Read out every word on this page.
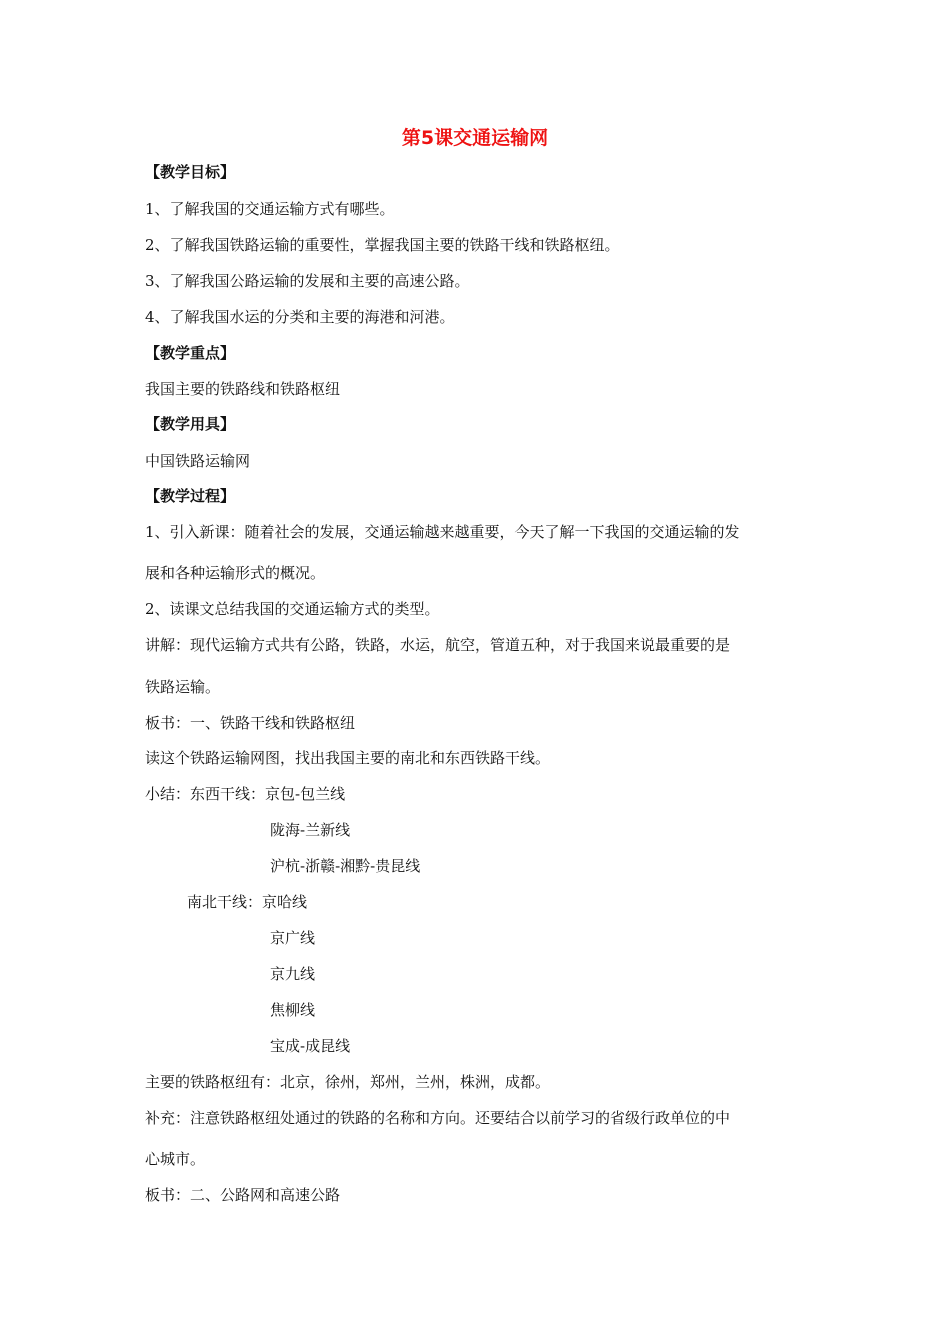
第5课交通运输网
【教学目标】
1、了解我国的交通运输方式有哪些。
2、了解我国铁路运输的重要性，掌握我国主要的铁路干线和铁路枢纽。
3、了解我国公路运输的发展和主要的高速公路。
4、了解我国水运的分类和主要的海港和河港。
【教学重点】
我国主要的铁路线和铁路枢纽
【教学用具】
中国铁路运输网
【教学过程】
1、引入新课：随着社会的发展，交通运输越来越重要，今天了解一下我国的交通运输的发
展和各种运输形式的概况。
2、读课文总结我国的交通运输方式的类型。
讲解：现代运输方式共有公路，铁路，水运，航空，管道五种，对于我国来说最重要的是
铁路运输。
板书：一、铁路干线和铁路枢纽
读这个铁路运输网图，找出我国主要的南北和东西铁路干线。
小结：东西干线：京包-包兰线
陇海-兰新线
沪杭-浙赣-湘黔-贵昆线
南北干线：京哈线
京广线
京九线
焦柳线
宝成-成昆线
主要的铁路枢纽有：北京，徐州，郑州，兰州，株洲，成都。
补充：注意铁路枢纽处通过的铁路的名称和方向。还要结合以前学习的省级行政单位的中
心城市。
板书：二、公路网和高速公路
